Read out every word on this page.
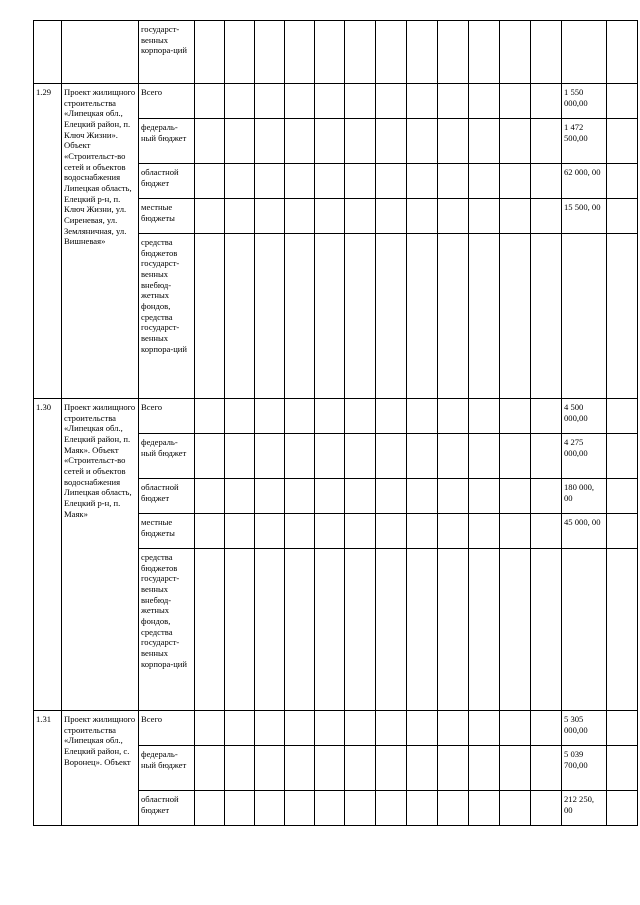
		государст-венных корпора-ций														
1.29	Проект жилищного строительства «Липецкая обл., Елецкий район, п. Ключ Жизни». Объект «Строительст-во сетей и объектов водоснабжения Липецкая область, Елецкий р-н, п. Ключ Жизни, ул. Сиреневая, ул. Земляничная, ул. Вишневая»	Всего													1 550 000,00	
		федераль-ный бюджет													1 472 500,00	
		областной бюджет													62 000, 00	
		местные бюджеты													15 500, 00	
		средства бюджетов государст-венных внебюд-жетных фондов, средства государст-венных корпора-ций														
1.30	Проект жилищного строительства «Липецкая обл., Елецкий район, п. Маяк». Объект «Строительст-во сетей и объектов водоснабжения Липецкая область, Елецкий р-н, п. Маяк»	Всего													4 500 000,00	
		федераль-ный бюджет													4 275 000,00	
		областной бюджет													180 000, 00	
		местные бюджеты													45 000, 00	
		средства бюджетов государст-венных внебюд-жетных фондов, средства государст-венных корпора-ций														
1.31	Проект жилищного строительства «Липецкая обл., Елецкий район, с. Воронец». Объект	Всего													5 305 000,00	
		федераль-ный бюджет													5 039 700,00	
		областной бюджет													212 250, 00	
